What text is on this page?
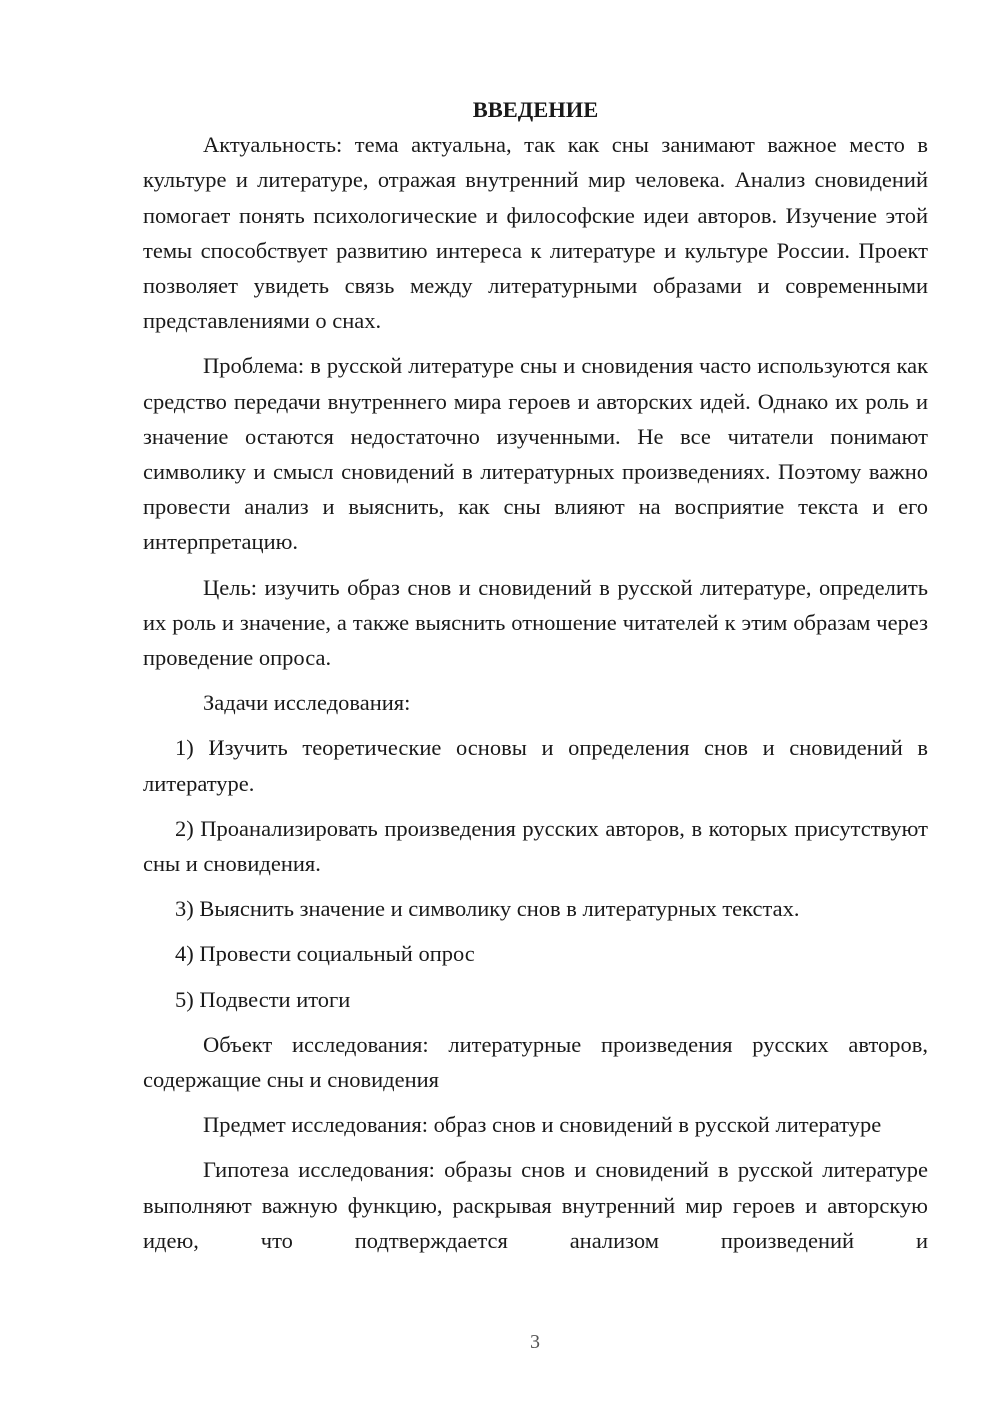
ВВЕДЕНИЕ

Актуальность: тема актуальна, так как сны занимают важное место в культуре и литературе, отражая внутренний мир человека. Анализ сновидений помогает понять психологические и философские идеи авторов. Изучение этой темы способствует развитию интереса к литературе и культуре России. Проект позволяет увидеть связь между литературными образами и современными представлениями о снах.

Проблема: в русской литературе сны и сновидения часто используются как средство передачи внутреннего мира героев и авторских идей. Однако их роль и значение остаются недостаточно изученными. Не все читатели понимают символику и смысл сновидений в литературных произведениях. Поэтому важно провести анализ и выяснить, как сны влияют на восприятие текста и его интерпретацию.

Цель: изучить образ снов и сновидений в русской литературе, определить их роль и значение, а также выяснить отношение читателей к этим образам через проведение опроса.

Задачи исследования:

1) Изучить теоретические основы и определения снов и сновидений в литературе.

2) Проанализировать произведения русских авторов, в которых присутствуют сны и сновидения.

3) Выяснить значение и символику снов в литературных текстах.

4) Провести социальный опрос

5) Подвести итоги

Объект исследования: литературные произведения русских авторов, содержащие сны и сновидения

Предмет исследования: образ снов и сновидений в русской литературе

Гипотеза исследования: образы снов и сновидений в русской литературе выполняют важную функцию, раскрывая внутренний мир героев и авторскую идею, что подтверждается анализом произведений и

3
